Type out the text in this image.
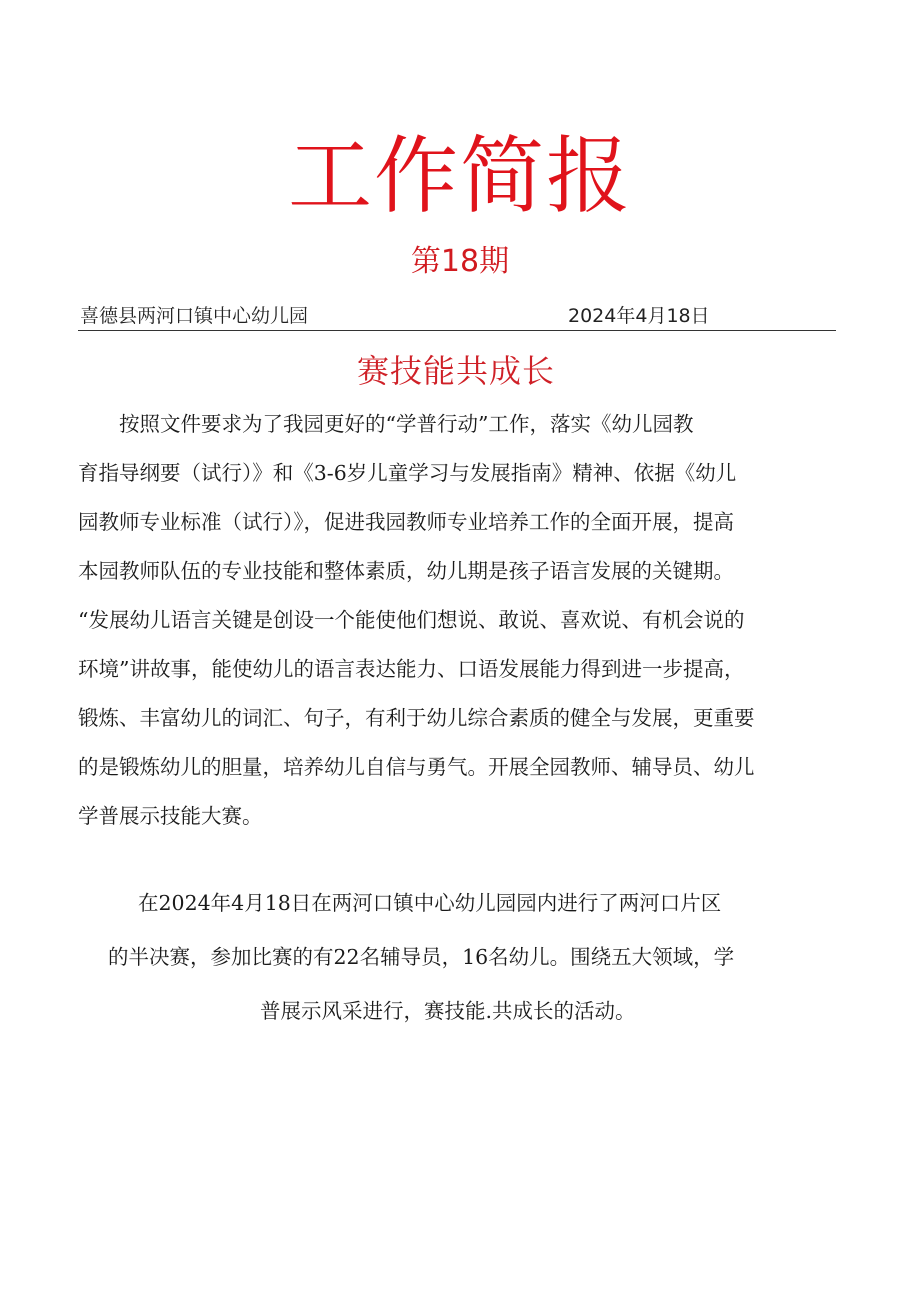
工作简报
第18期
喜德县两河口镇中心幼儿园	2024年4月18日
赛技能共成长
　　按照文件要求为了我园更好的“学普行动”工作，落实《幼儿园教
育指导纲要（试行）》和《3-6岁儿童学习与发展指南》精神、依据《幼儿
园教师专业标准（试行）》，促进我园教师专业培养工作的全面开展，提高
本园教师队伍的专业技能和整体素质，幼儿期是孩子语言发展的关键期。
“发展幼儿语言关键是创设一个能使他们想说、敢说、喜欢说、有机会说的
环境”讲故事，能使幼儿的语言表达能力、口语发展能力得到进一步提高，
锻炼、丰富幼儿的词汇、句子，有利于幼儿综合素质的健全与发展，更重要
的是锻炼幼儿的胆量，培养幼儿自信与勇气。开展全园教师、辅导员、幼儿
学普展示技能大赛。
在2024年4月18日在两河口镇中心幼儿园园内进行了两河口片区
的半决赛，参加比赛的有22名辅导员，16名幼儿。围绕五大领域，学
普展示风采进行，赛技能.共成长的活动。
